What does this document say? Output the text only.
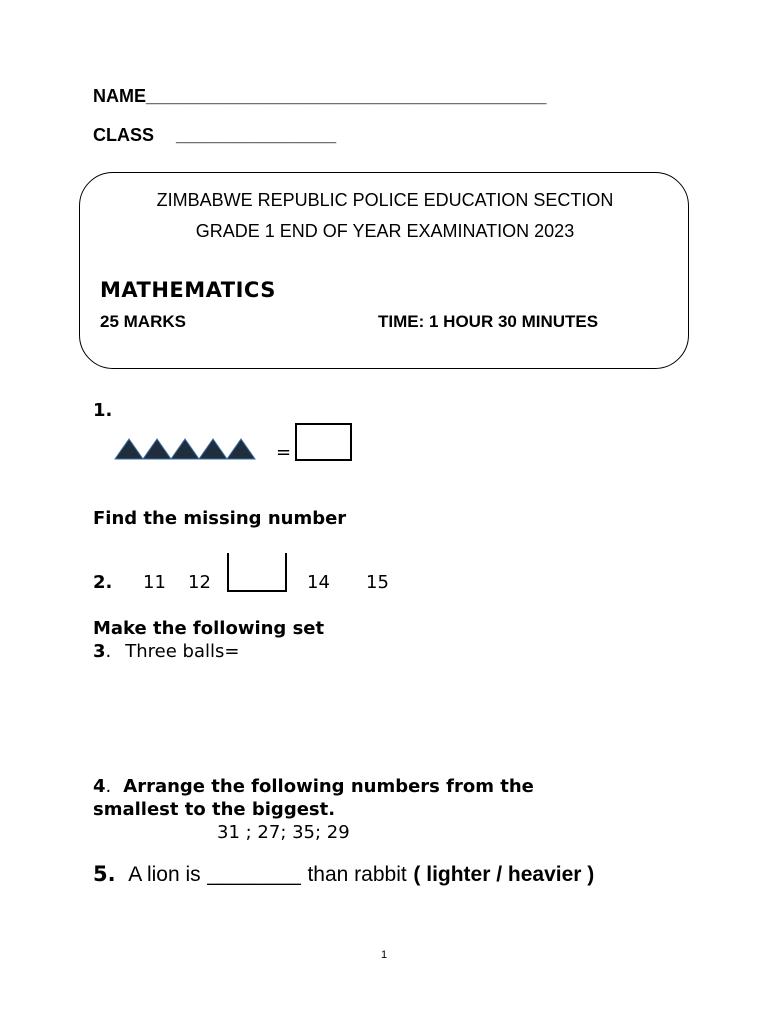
NAME________________________________________
CLASS ________________
ZIMBABWE REPUBLIC POLICE EDUCATION SECTION
GRADE 1 END OF YEAR EXAMINATION 2023
MATHEMATICS
25 MARKS	TIME: 1 HOUR 30 MINUTES
1.
=
Find the missing number
2. 11 12	14 15
Make the following set
3. Three balls=
4. Arrange the following numbers from the
smallest to the biggest.
31 ; 27; 35; 29
5. A lion is ________ than rabbit ( lighter / heavier )
1
